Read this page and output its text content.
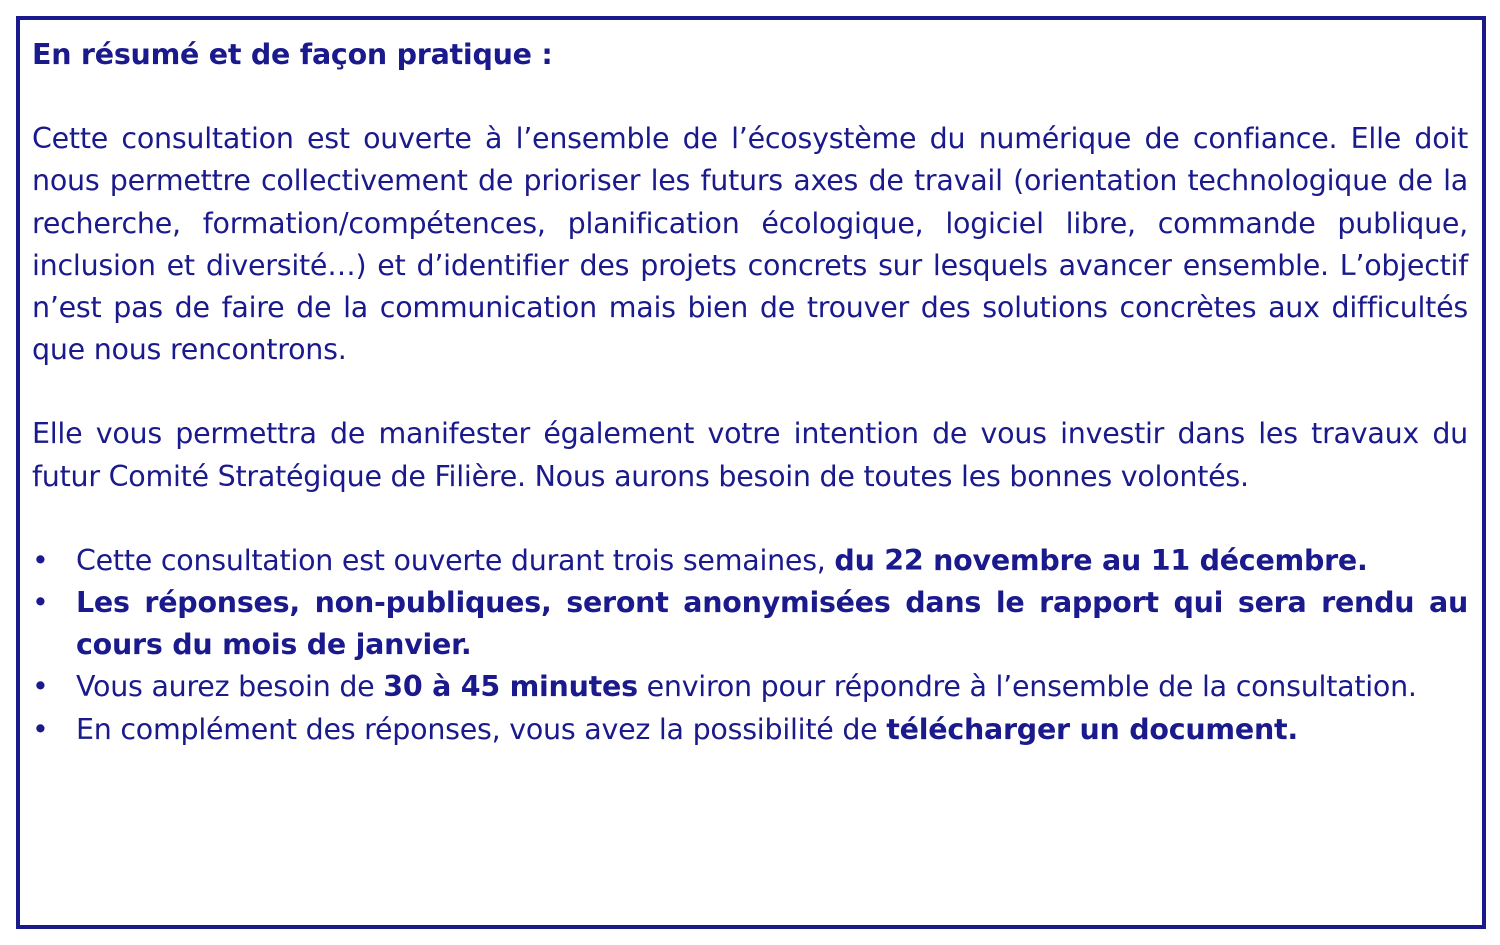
En résumé et de façon pratique :

Cette consultation est ouverte à l’ensemble de l’écosystème du numérique de confiance. Elle doit nous permettre collectivement de prioriser les futurs axes de travail (orientation technologique de la recherche, formation/compétences, planification écologique, logiciel libre, commande publique, inclusion et diversité…) et d’identifier des projets concrets sur lesquels avancer ensemble. L’objectif n’est pas de faire de la communication mais bien de trouver des solutions concrètes aux difficultés que nous rencontrons.

Elle vous permettra de manifester également votre intention de vous investir dans les travaux du futur Comité Stratégique de Filière. Nous aurons besoin de toutes les bonnes volontés.

• Cette consultation est ouverte durant trois semaines, du 22 novembre au 11 décembre.
• Les réponses, non-publiques, seront anonymisées dans le rapport qui sera rendu au cours du mois de janvier.
• Vous aurez besoin de 30 à 45 minutes environ pour répondre à l’ensemble de la consultation.
• En complément des réponses, vous avez la possibilité de télécharger un document.
